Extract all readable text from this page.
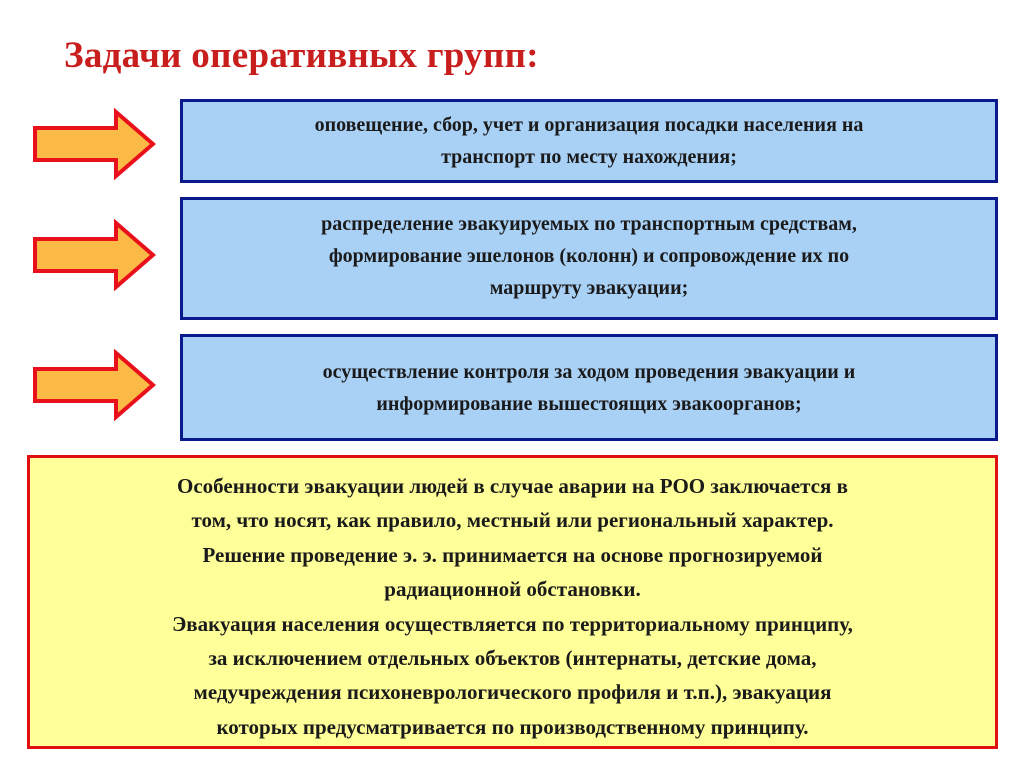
Задачи оперативных групп:
оповещение, сбор, учет и организация посадки населения на
транспорт по месту нахождения;
распределение эвакуируемых по транспортным средствам,
формирование эшелонов (колонн) и сопровождение их по
маршруту эвакуации;
осуществление контроля за ходом проведения эвакуации и
информирование вышестоящих эвакоорганов;
Особенности эвакуации людей в случае аварии на РОО заключается в
том, что носят, как правило, местный или региональный характер.
Решение проведение э. э. принимается на основе прогнозируемой
радиационной обстановки.
Эвакуация населения осуществляется по территориальному принципу,
за исключением отдельных объектов (интернаты, детские дома,
медучреждения психоневрологического профиля и т.п.), эвакуация
которых предусматривается по производственному принципу.
